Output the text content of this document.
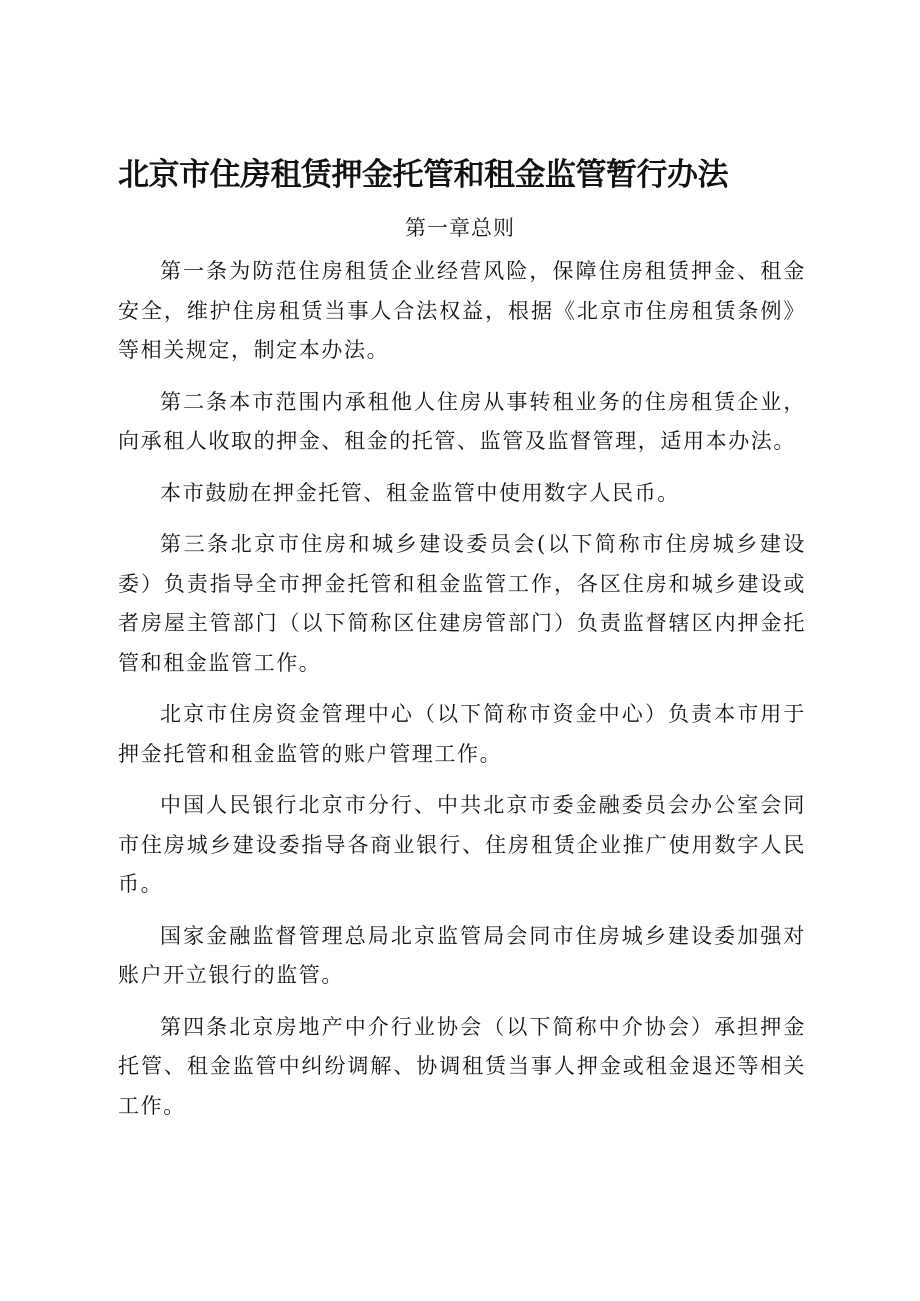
北京市住房租赁押金托管和租金监管暂行办法
第一章总则

第一条为防范住房租赁企业经营风险，保障住房租赁押金、租金安全，维护住房租赁当事人合法权益，根据《北京市住房租赁条例》等相关规定，制定本办法。

第二条本市范围内承租他人住房从事转租业务的住房租赁企业，向承租人收取的押金、租金的托管、监管及监督管理，适用本办法。

本市鼓励在押金托管、租金监管中使用数字人民币。

第三条北京市住房和城乡建设委员会(以下简称市住房城乡建设委）负责指导全市押金托管和租金监管工作，各区住房和城乡建设或者房屋主管部门（以下简称区住建房管部门）负责监督辖区内押金托管和租金监管工作。

北京市住房资金管理中心（以下简称市资金中心）负责本市用于押金托管和租金监管的账户管理工作。

中国人民银行北京市分行、中共北京市委金融委员会办公室会同市住房城乡建设委指导各商业银行、住房租赁企业推广使用数字人民币。

国家金融监督管理总局北京监管局会同市住房城乡建设委加强对账户开立银行的监管。

第四条北京房地产中介行业协会（以下简称中介协会）承担押金托管、租金监管中纠纷调解、协调租赁当事人押金或租金退还等相关工作。
